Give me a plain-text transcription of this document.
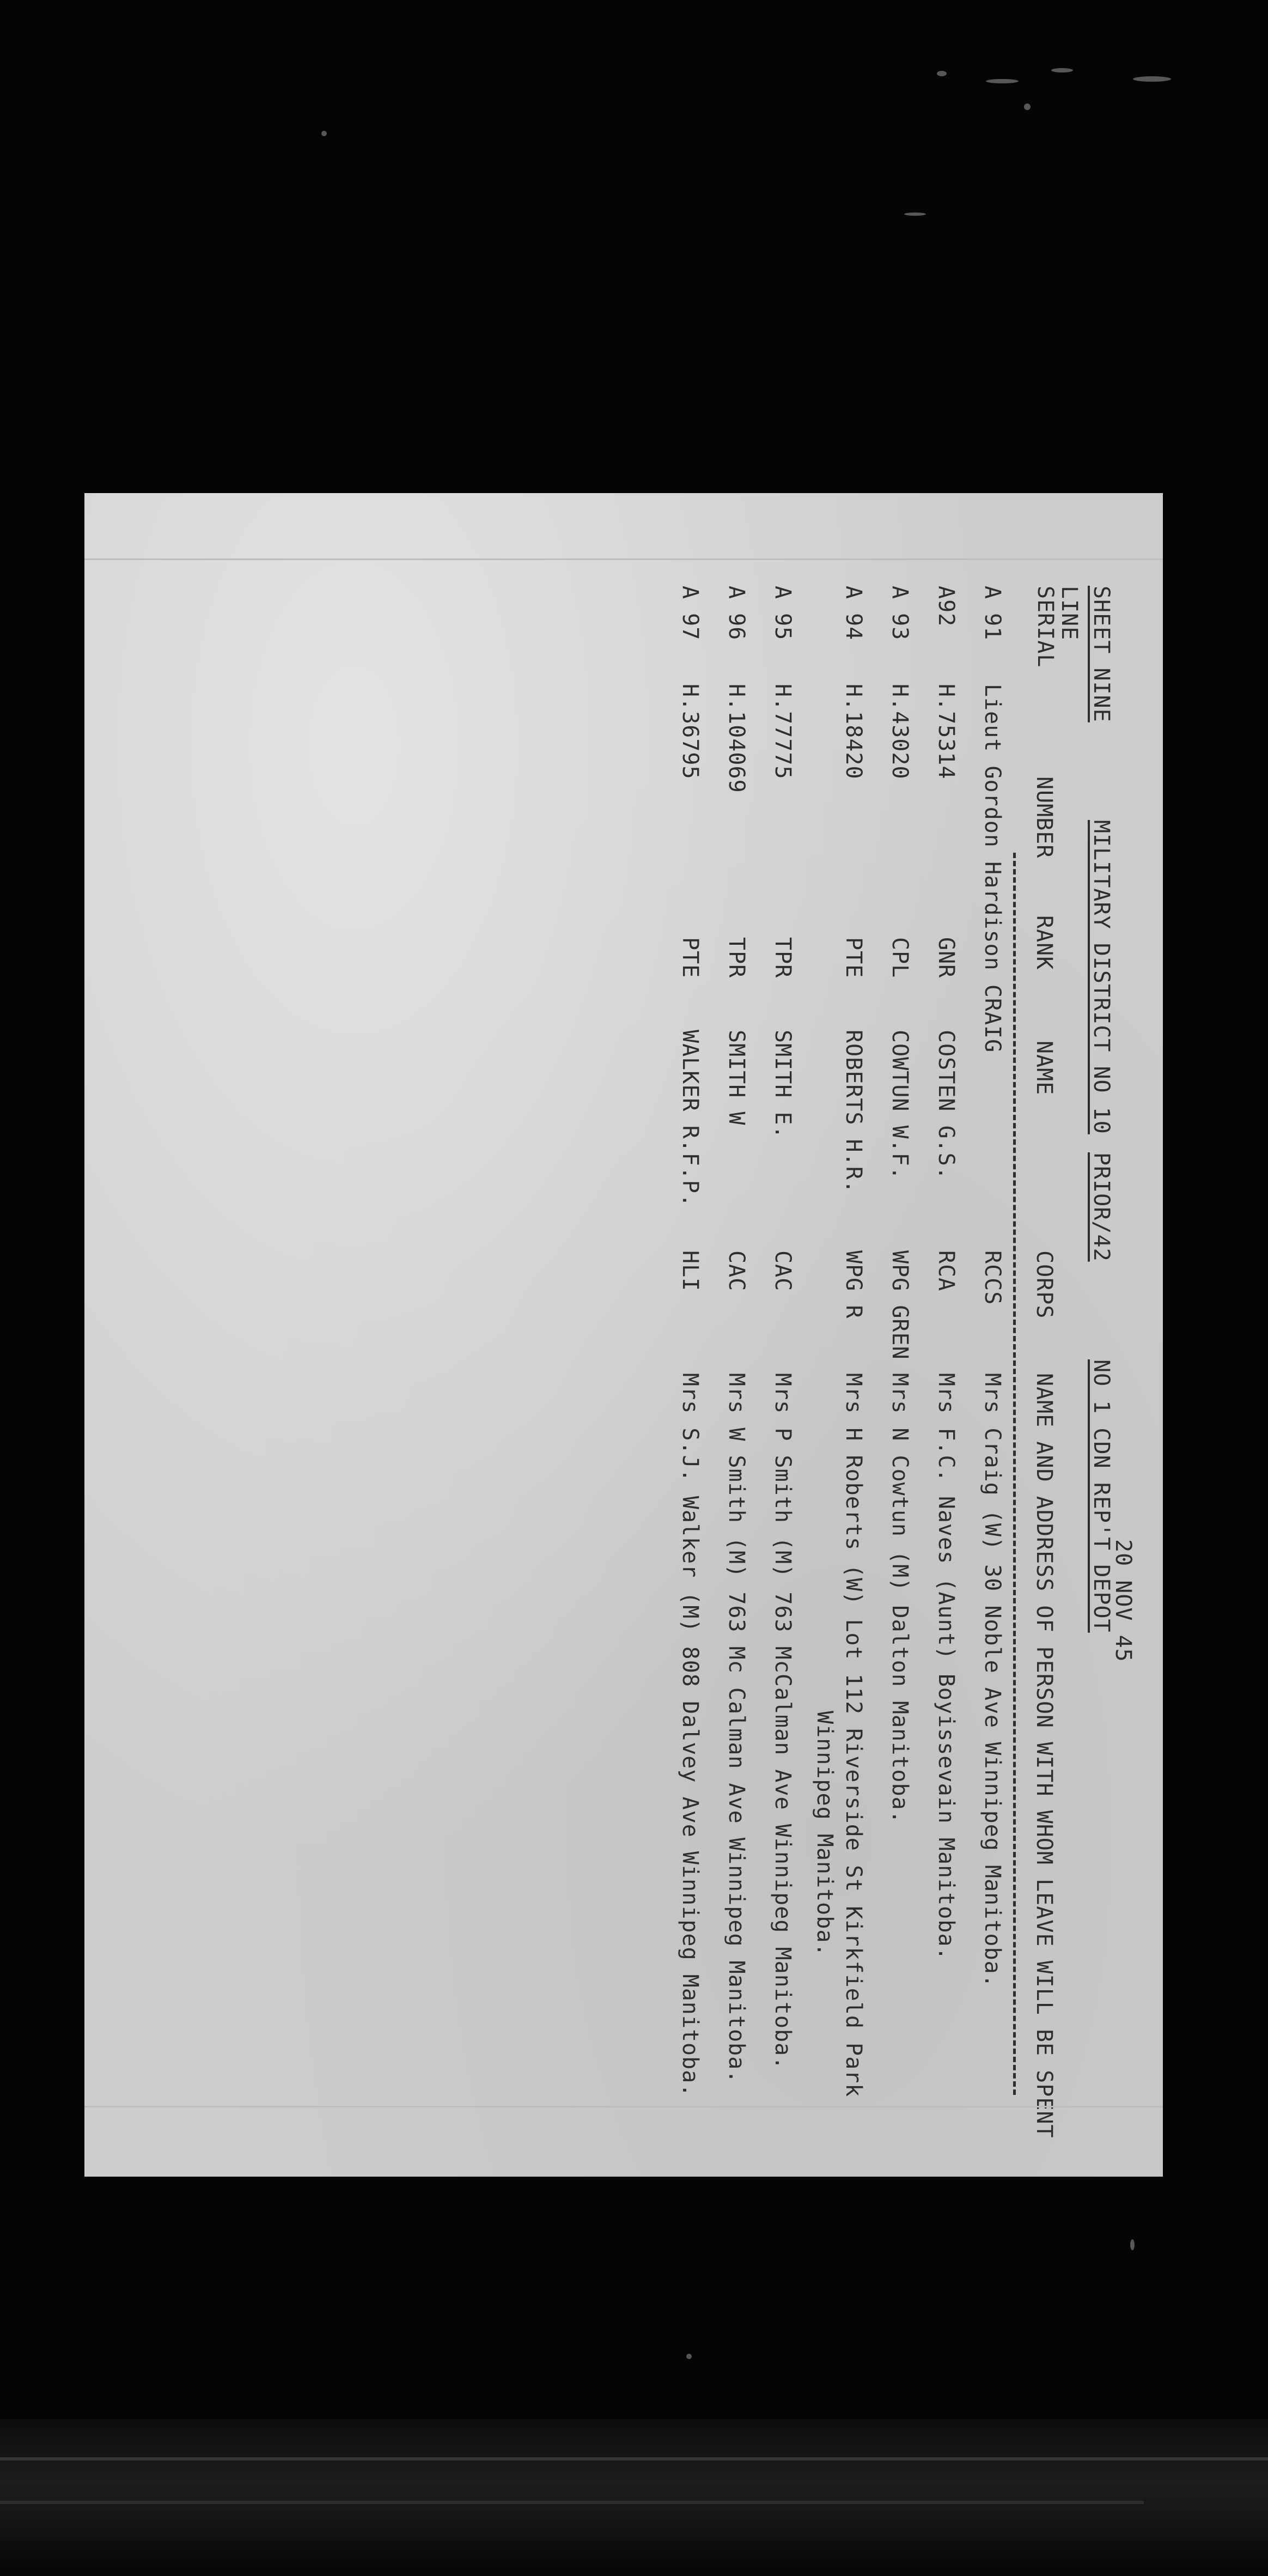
SHEET NINE
MILITARY DISTRICT NO 10
PRIOR/42
NO 1 CDN REP'T DEPOT
20 NOV 45
LINE SERIAL
NUMBER
RANK
NAME
CORPS
NAME AND ADDRESS OF PERSON WITH WHOM LEAVE WILL BE SPENT
A 91
Lieut Gordon Hardison CRAIG
RCCS
Mrs Craig (W) 30 Noble Ave Winnipeg Manitoba.
A92
H.75314
GNR
COSTEN G.S.
RCA
Mrs F.C. Naves (Aunt) Boyissevain Manitoba.
A 93
H.43020
CPL
COWTUN W.F.
WPG GREN
Mrs N Cowtun (M) Dalton Manitoba.
A 94
H.18420
PTE
ROBERTS H.R.
WPG R
Mrs H Roberts (W) Lot 112 Riverside St Kirkfield Park
Winnipeg Manitoba.
A 95
H.77775
TPR
SMITH E.
CAC
Mrs P Smith (M) 763 McCalman Ave Winnipeg Manitoba.
A 96
H.104069
TPR
SMITH W
CAC
Mrs W Smith (M) 763 Mc Calman Ave Winnipeg Manitoba.
A 97
H.36795
PTE
WALKER R.F.P.
HLI
Mrs S.J. Walker (M) 808 Dalvey Ave Winnipeg Manitoba.
